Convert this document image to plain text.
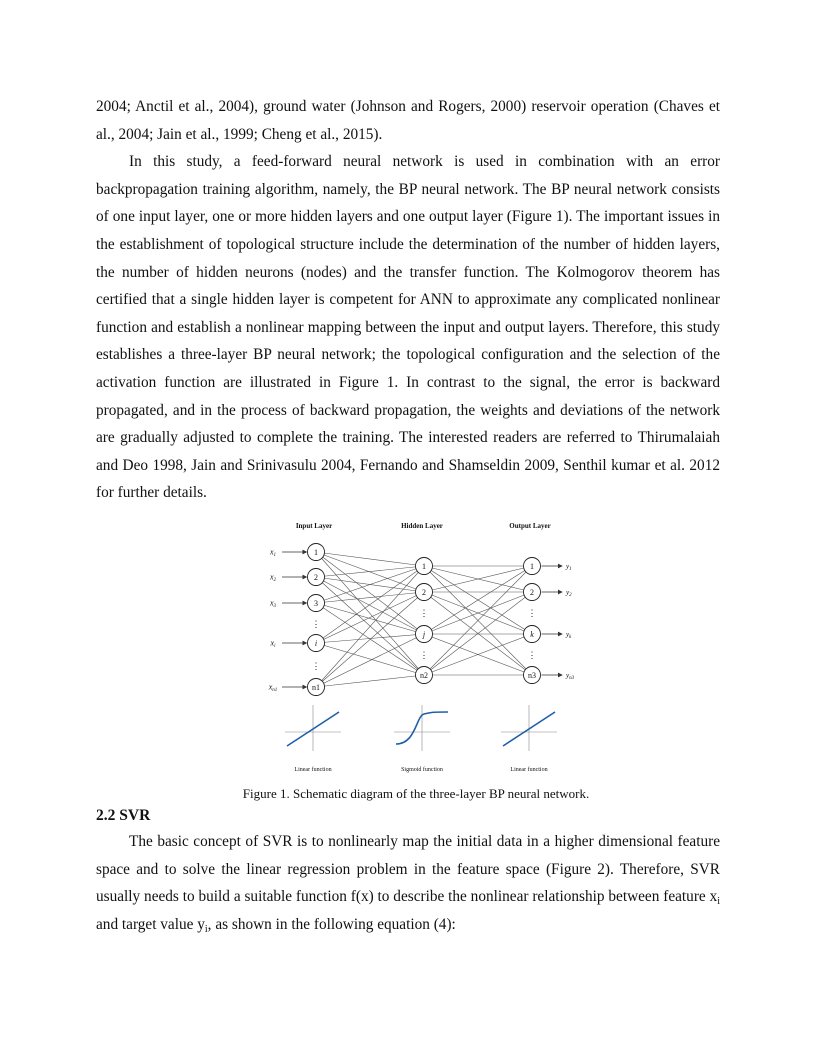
2004; Anctil et al., 2004), ground water (Johnson and Rogers, 2000) reservoir operation (Chaves et al., 2004; Jain et al., 1999; Cheng et al., 2015).

In this study, a feed-forward neural network is used in combination with an error backpropagation training algorithm, namely, the BP neural network. The BP neural network consists of one input layer, one or more hidden layers and one output layer (Figure 1). The important issues in the establishment of topological structure include the determination of the number of hidden layers, the number of hidden neurons (nodes) and the transfer function. The Kolmogorov theorem has certified that a single hidden layer is competent for ANN to approximate any complicated nonlinear function and establish a nonlinear mapping between the input and output layers. Therefore, this study establishes a three-layer BP neural network; the topological configuration and the selection of the activation function are illustrated in Figure 1. In contrast to the signal, the error is backward propagated, and in the process of backward propagation, the weights and deviations of the network are gradually adjusted to complete the training. The interested readers are referred to Thirumalaiah and Deo 1998, Jain and Srinivasulu 2004, Fernando and Shamseldin 2009, Senthil kumar et al. 2012 for further details.

1
2
3
i
n1
1
2
j
n2
1
2
k
n3
Input Layer	Hidden Layer	Output Layer
x1
x2
x3
xi
xn1
$y_1$
$y_2$
$y_k$
$y_{n3}$
⋮
⋮
⋮
⋮
⋮
⋮
Linear function	Sigmoid function	Linear function

Figure 1. Schematic diagram of the three-layer BP neural network.

2.2 SVR

The basic concept of SVR is to nonlinearly map the initial data in a higher dimensional feature space and to solve the linear regression problem in the feature space (Figure 2). Therefore, SVR usually needs to build a suitable function f(x) to describe the nonlinear relationship between feature $x_i$ and target value $y_i$, as shown in the following equation (4):
